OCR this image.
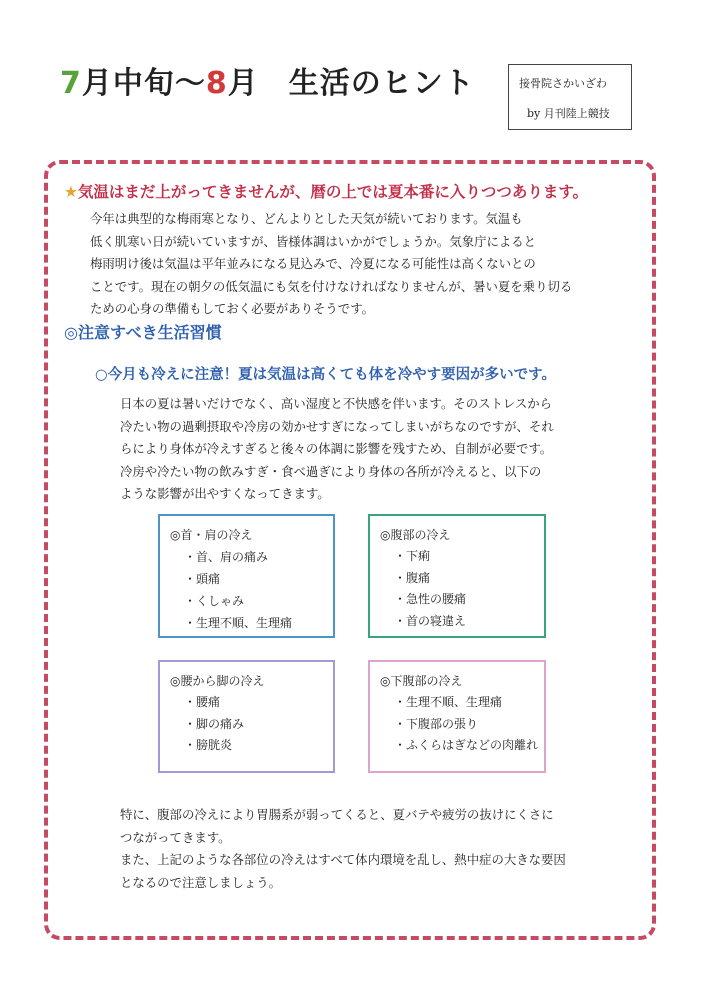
7月中旬～8月 生活のヒント	接骨院さかいざわ
by 月刊陸上競技
★気温はまだ上がってきませんが、暦の上では夏本番に入りつつあります。
今年は典型的な梅雨寒となり、どんよりとした天気が続いております。気温も
低く肌寒い日が続いていますが、皆様体調はいかがでしょうか。気象庁によると
梅雨明け後は気温は平年並みになる見込みで、冷夏になる可能性は高くないとの
ことです。現在の朝夕の低気温にも気を付けなければなりませんが、暑い夏を乗り切る
ための心身の準備もしておく必要がありそうです。
◎注意すべき生活習慣
○今月も冷えに注意！夏は気温は高くても体を冷やす要因が多いです。
日本の夏は暑いだけでなく、高い湿度と不快感を伴います。そのストレスから
冷たい物の過剰摂取や冷房の効かせすぎになってしまいがちなのですが、それ
らにより身体が冷えすぎると後々の体調に影響を残すため、自制が必要です。
冷房や冷たい物の飲みすぎ・食べ過ぎにより身体の各所が冷えると、以下の
ような影響が出やすくなってきます。
◎首・肩の冷え
・首、肩の痛み
・頭痛
・くしゃみ
・生理不順、生理痛
◎腹部の冷え
・下痢
・腹痛
・急性の腰痛
・首の寝違え
◎腰から脚の冷え
・腰痛
・脚の痛み
・膀胱炎
◎下腹部の冷え
・生理不順、生理痛
・下腹部の張り
・ふくらはぎなどの肉離れ
特に、腹部の冷えにより胃腸系が弱ってくると、夏バテや疲労の抜けにくさに
つながってきます。
また、上記のような各部位の冷えはすべて体内環境を乱し、熱中症の大きな要因
となるので注意しましょう。
